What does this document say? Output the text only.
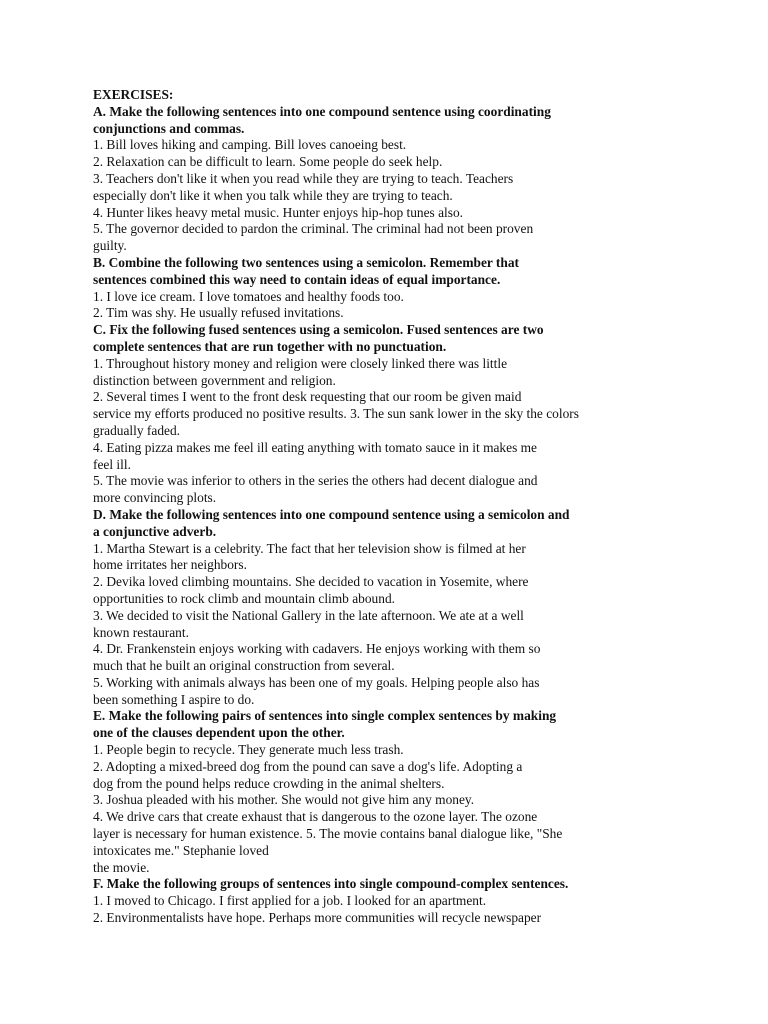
EXERCISES:
A. Make the following sentences into one compound sentence using coordinating
conjunctions and commas.
1. Bill loves hiking and camping. Bill loves canoeing best.
2. Relaxation can be difficult to learn. Some people do seek help.
3. Teachers don't like it when you read while they are trying to teach. Teachers
especially don't like it when you talk while they are trying to teach.
4. Hunter likes heavy metal music. Hunter enjoys hip-hop tunes also.
5. The governor decided to pardon the criminal. The criminal had not been proven
guilty.
B. Combine the following two sentences using a semicolon. Remember that
sentences combined this way need to contain ideas of equal importance.
1. I love ice cream. I love tomatoes and healthy foods too.
2. Tim was shy. He usually refused invitations.
C. Fix the following fused sentences using a semicolon. Fused sentences are two
complete sentences that are run together with no punctuation.
1. Throughout history money and religion were closely linked there was little
distinction between government and religion.
2. Several times I went to the front desk requesting that our room be given maid
service my efforts produced no positive results. 3. The sun sank lower in the sky the colors
gradually faded.
4. Eating pizza makes me feel ill eating anything with tomato sauce in it makes me
feel ill.
5. The movie was inferior to others in the series the others had decent dialogue and
more convincing plots.
D. Make the following sentences into one compound sentence using a semicolon and
a conjunctive adverb.
1. Martha Stewart is a celebrity. The fact that her television show is filmed at her
home irritates her neighbors.
2. Devika loved climbing mountains. She decided to vacation in Yosemite, where
opportunities to rock climb and mountain climb abound.
3. We decided to visit the National Gallery in the late afternoon. We ate at a well
known restaurant.
4. Dr. Frankenstein enjoys working with cadavers. He enjoys working with them so
much that he built an original construction from several.
5. Working with animals always has been one of my goals. Helping people also has
been something I aspire to do.
E. Make the following pairs of sentences into single complex sentences by making
one of the clauses dependent upon the other.
1. People begin to recycle. They generate much less trash.
2. Adopting a mixed-breed dog from the pound can save a dog's life. Adopting a
dog from the pound helps reduce crowding in the animal shelters.
3. Joshua pleaded with his mother. She would not give him any money.
4. We drive cars that create exhaust that is dangerous to the ozone layer. The ozone
layer is necessary for human existence. 5. The movie contains banal dialogue like, "She
intoxicates me." Stephanie loved
the movie.
F. Make the following groups of sentences into single compound-complex sentences.
1. I moved to Chicago. I first applied for a job. I looked for an apartment.
2. Environmentalists have hope. Perhaps more communities will recycle newspaper
